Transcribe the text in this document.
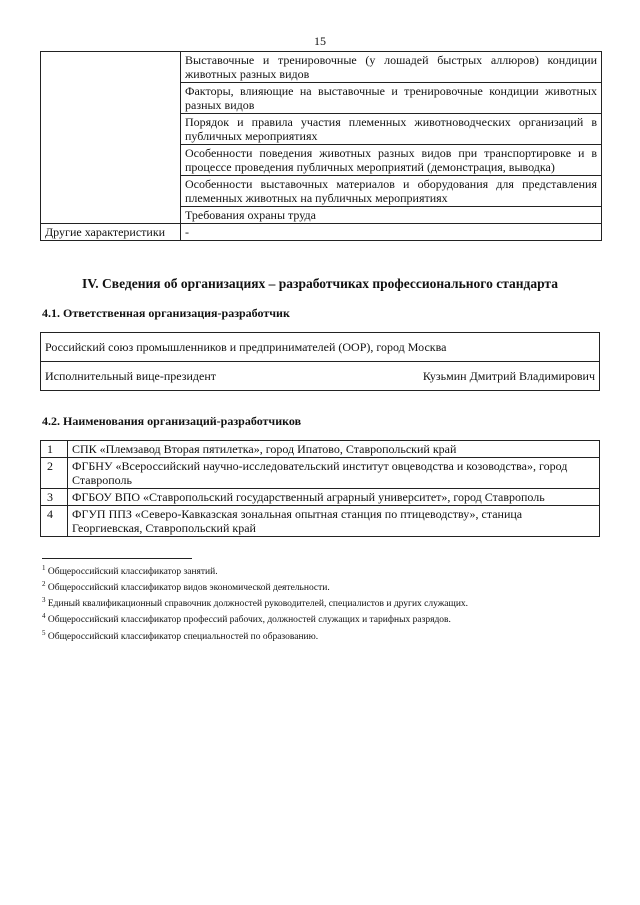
15
	Выставочные и тренировочные (у лошадей быстрых аллюров) кондиции животных разных видов
	Факторы, влияющие на выставочные и тренировочные кондиции животных разных видов
	Порядок и правила участия племенных животноводческих организаций в публичных мероприятиях
	Особенности поведения животных разных видов при транспортировке и в процессе проведения публичных мероприятий (демонстрация, выводка)
	Особенности выставочных материалов и оборудования для представления племенных животных на публичных мероприятиях
	Требования охраны труда
Другие характеристики	-
IV. Сведения об организациях – разработчиках профессионального стандарта
4.1. Ответственная организация-разработчик
Российский союз промышленников и предпринимателей (ООР), город Москва
Исполнительный вице-президент	Кузьмин Дмитрий Владимирович
4.2. Наименования организаций-разработчиков
1	СПК «Племзавод Вторая пятилетка», город Ипатово, Ставропольский край
2	ФГБНУ «Всероссийский научно-исследовательский институт овцеводства и козоводства», город Ставрополь
3	ФГБОУ ВПО «Ставропольский государственный аграрный университет», город Ставрополь
4	ФГУП ППЗ «Северо-Кавказская зональная опытная станция по птицеводству», станица Георгиевская, Ставропольский край
$^1$ Общероссийский классификатор занятий.
$^2$ Общероссийский классификатор видов экономической деятельности.
$^3$ Единый квалификационный справочник должностей руководителей, специалистов и других служащих.
$^4$ Общероссийский классификатор профессий рабочих, должностей служащих и тарифных разрядов.
$^5$ Общероссийский классификатор специальностей по образованию.
